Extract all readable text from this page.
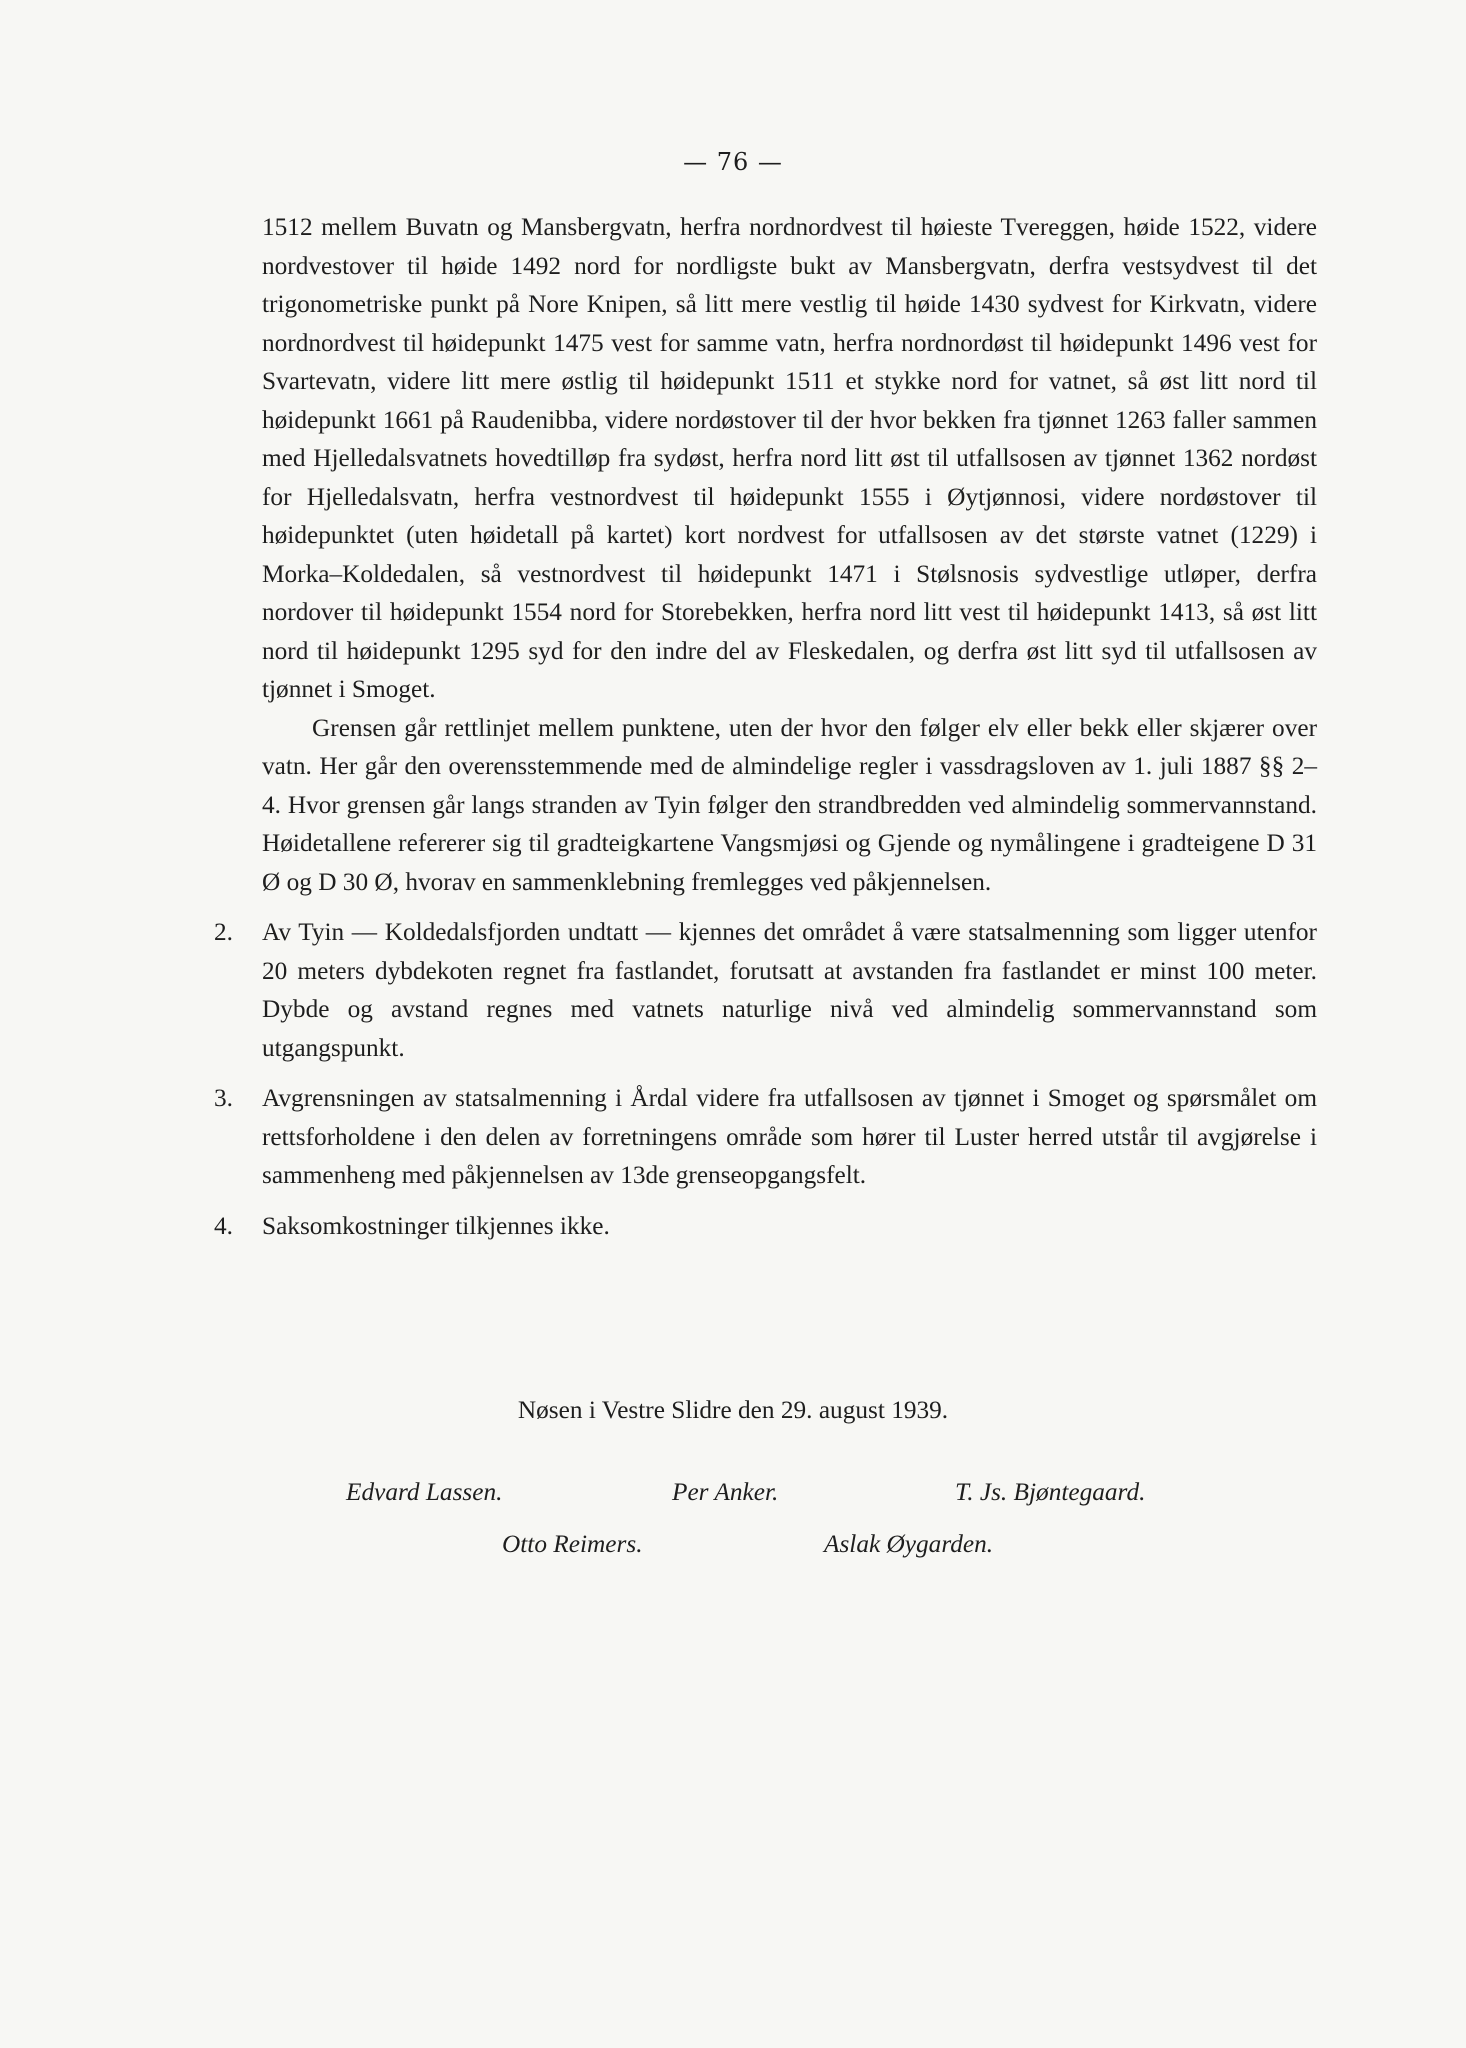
— 76 —

1512 mellem Buvatn og Mansbergvatn, herfra nordnordvest til høieste Tvereggen, høide 1522, videre nordvestover til høide 1492 nord for nordligste bukt av Mansbergvatn, derfra vestsydvest til det trigonometriske punkt på Nore Knipen, så litt mere vestlig til høide 1430 sydvest for Kirkvatn, videre nordnordvest til høidepunkt 1475 vest for samme vatn, herfra nordnordøst til høidepunkt 1496 vest for Svartevatn, videre litt mere østlig til høidepunkt 1511 et stykke nord for vatnet, så øst litt nord til høidepunkt 1661 på Raudenibba, videre nordøstover til der hvor bekken fra tjønnet 1263 faller sammen med Hjelledalsvatnets hovedtilløp fra sydøst, herfra nord litt øst til utfallsosen av tjønnet 1362 nordøst for Hjelledalsvatn, herfra vestnordvest til høidepunkt 1555 i Øytjønnosi, videre nordøstover til høidepunktet (uten høidetall på kartet) kort nordvest for utfallsosen av det største vatnet (1229) i Morka–Koldedalen, så vestnordvest til høidepunkt 1471 i Stølsnosis sydvestlige utløper, derfra nordover til høidepunkt 1554 nord for Storebekken, herfra nord litt vest til høidepunkt 1413, så øst litt nord til høidepunkt 1295 syd for den indre del av Fleskedalen, og derfra øst litt syd til utfallsosen av tjønnet i Smoget.

Grensen går rettlinjet mellem punktene, uten der hvor den følger elv eller bekk eller skjærer over vatn. Her går den overensstemmende med de almindelige regler i vassdragsloven av 1. juli 1887 §§ 2–4. Hvor grensen går langs stranden av Tyin følger den strandbredden ved almindelig sommervannstand. Høidetallene refererer sig til gradteigkartene Vangsmjøsi og Gjende og nymålingene i gradteigene D 31 Ø og D 30 Ø, hvorav en sammenklebning fremlegges ved påkjennelsen.

2. Av Tyin — Koldedalsfjorden undtatt — kjennes det området å være statsalmenning som ligger utenfor 20 meters dybdekoten regnet fra fastlandet, forutsatt at avstanden fra fastlandet er minst 100 meter. Dybde og avstand regnes med vatnets naturlige nivå ved almindelig sommervannstand som utgangspunkt.

3. Avgrensningen av statsalmenning i Årdal videre fra utfallsosen av tjønnet i Smoget og spørsmålet om rettsforholdene i den delen av forretningens område som hører til Luster herred utstår til avgjørelse i sammenheng med påkjennelsen av 13de grenseopgangsfelt.

4. Saksomkostninger tilkjennes ikke.

Nøsen i Vestre Slidre den 29. august 1939.
Edvard Lassen.	Per Anker.	T. Js. Bjøntegaard.
Otto Reimers.	Aslak Øygarden.
